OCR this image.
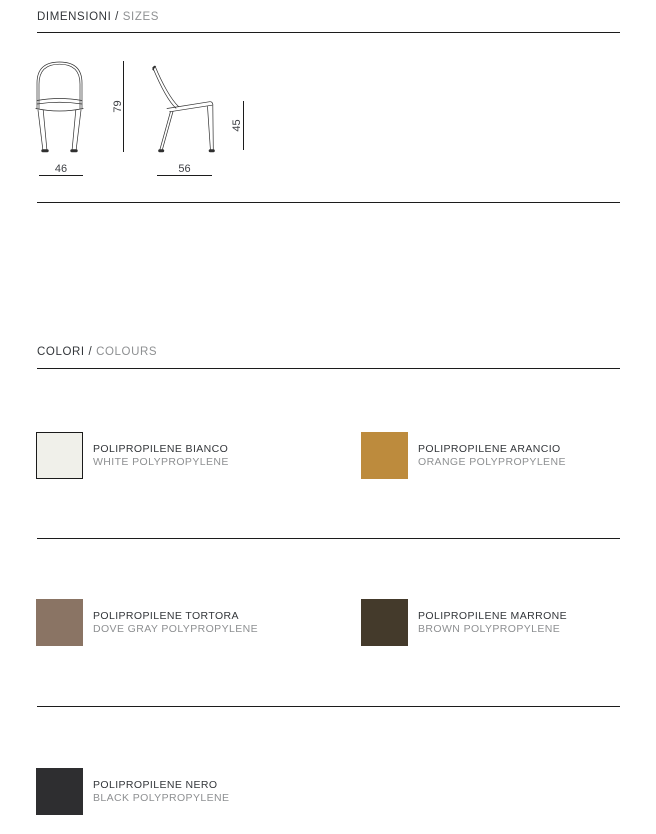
DIMENSIONI / SIZES
46	56
79
45
COLORI / COLOURS
POLIPROPILENE BIANCO
WHITE POLYPROPYLENE
POLIPROPILENE ARANCIO
ORANGE POLYPROPYLENE
POLIPROPILENE TORTORA
DOVE GRAY POLYPROPYLENE
POLIPROPILENE MARRONE
BROWN POLYPROPYLENE
POLIPROPILENE NERO
BLACK POLYPROPYLENE
